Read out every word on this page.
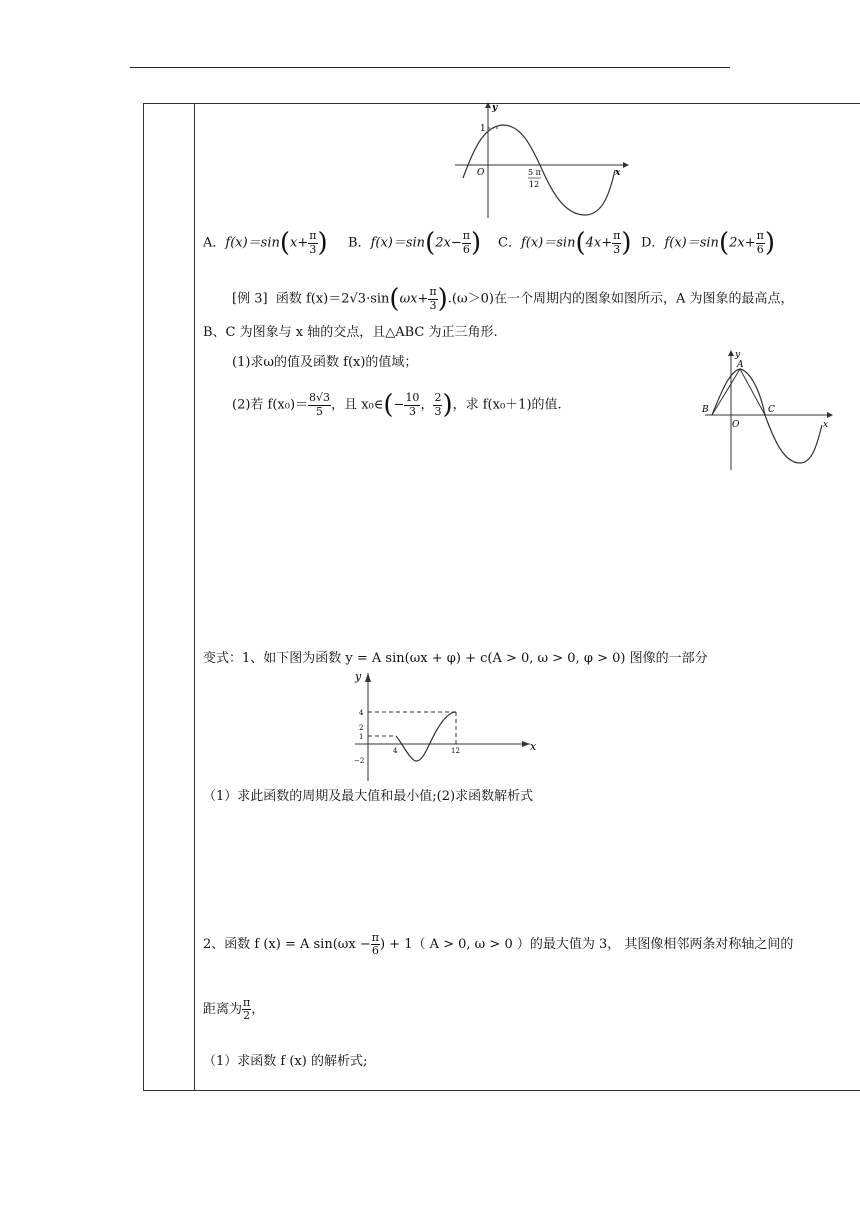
y
x
O
1
5 π
12
A．$f(x)=\sin(x+ \frac{\pi}{3}$ ) B．$f(x)=\sin(2x- \frac{\pi}{6}$ ) C．$f(x)=\sin(4x+ \frac{\pi}{3}$ ) D．$f(x)=\sin(2x+ \frac{\pi}{6}$ )
[例 3] 函数 $f(x)=2√3\cdot\sin(\omega x+ \frac{\pi}{3} ).(\omega>0)$在一个周期内的图象如图所示，A 为图象的最高点，
B、C 为图象与 x 轴的交点，且△ABC 为正三角形.
(1)求ω的值及函数 f(x)的值域；
(2)若 $f(x_0)= \frac{8√3}{5}$ ，且 x₀∈(− $\frac{10}{3}$ ， $\frac{2}{3}$ )，求 f(x₀＋1)的值.
y
x
A
B	C
O
变式：1、如下图为函数 y = A sin(ωx + φ) + c(A > 0, ω > 0, φ > 0) 图像的一部分
y
x
4
2
1
−2
4	12
（1）求此函数的周期及最大值和最小值;(2)求函数解析式
2、函数 f (x) = A $\sin(\omega x - \frac{\pi}{6}$ ) + 1（ A > 0, ω > 0 ）的最大值为 3， 其图像相邻两条对称轴之间的
距离为 $\frac{\pi}{2}$ ，
（1）求函数 f (x) 的解析式;
